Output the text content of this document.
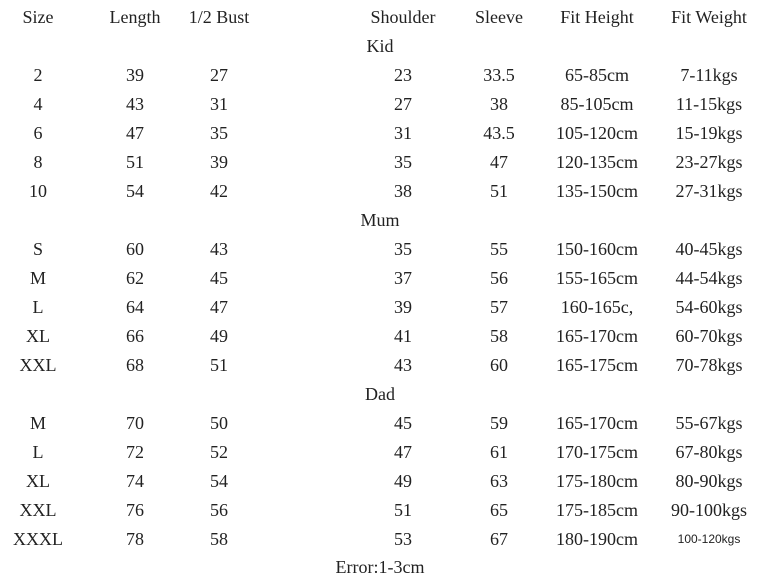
Size	Length	1/2 Bust	Shoulder	Sleeve	Fit Height	Fit Weight
Kid
2	39	27	23	33.5	65-85cm	7-11kgs
4	43	31	27	38	85-105cm	11-15kgs
6	47	35	31	43.5	105-120cm	15-19kgs
8	51	39	35	47	120-135cm	23-27kgs
10	54	42	38	51	135-150cm	27-31kgs
Mum
S	60	43	35	55	150-160cm	40-45kgs
M	62	45	37	56	155-165cm	44-54kgs
L	64	47	39	57	160-165c,	54-60kgs
XL	66	49	41	58	165-170cm	60-70kgs
XXL	68	51	43	60	165-175cm	70-78kgs
Dad
M	70	50	45	59	165-170cm	55-67kgs
L	72	52	47	61	170-175cm	67-80kgs
XL	74	54	49	63	175-180cm	80-90kgs
XXL	76	56	51	65	175-185cm	90-100kgs
XXXL	78	58	53	67	180-190cm	100-120kgs
Error:1-3cm
